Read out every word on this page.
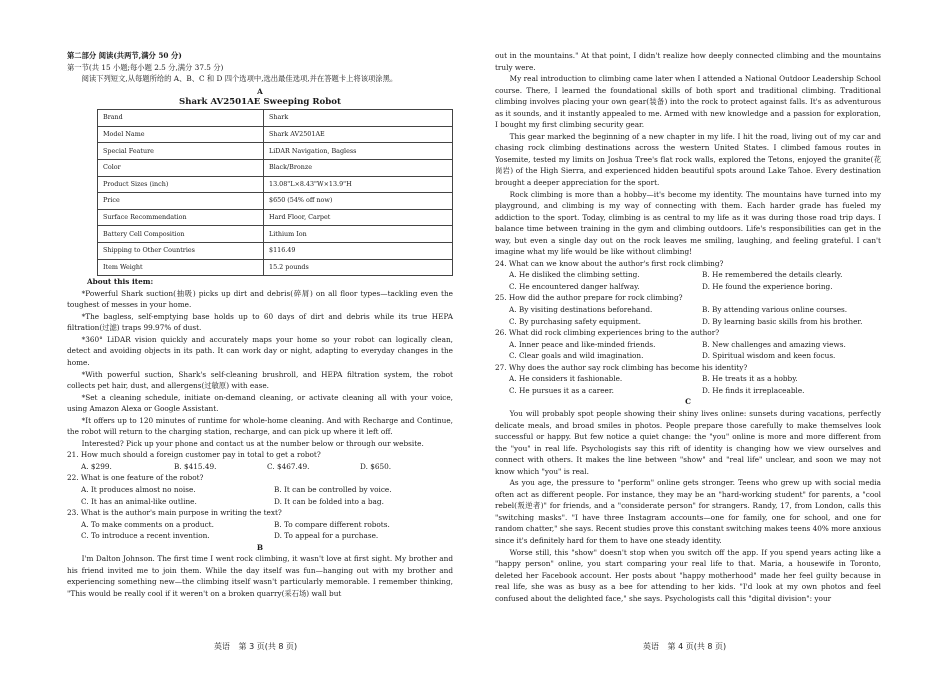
第二部分 阅读(共两节,满分 50 分)

第一节(共 15 小题;每小题 2.5 分,满分 37.5 分)

阅读下列短文,从每题所给的 A、B、C 和 D 四个选项中,选出最佳选项,并在答题卡上将该项涂黑。

A

Shark AV2501AE Sweeping Robot

Brand	Shark
Model Name	Shark AV2501AE
Special Feature	LiDAR Navigation, Bagless
Color	Black/Bronze
Product Sizes (inch)	13.08"L×8.43"W×13.9"H
Price	$650 (54% off now)
Surface Recommendation	Hard Floor, Carpet
Battery Cell Composition	Lithium Ion
Shipping to Other Countries	$116.49
Item Weight	15.2 pounds

About this item:

*Powerful Shark suction(抽吸) picks up dirt and debris(碎屑) on all floor types—tackling even the toughest of messes in your home.

*The bagless, self-emptying base holds up to 60 days of dirt and debris while its true HEPA filtration(过滤) traps 99.97% of dust.

*360° LiDAR vision quickly and accurately maps your home so your robot can logically clean, detect and avoiding objects in its path. It can work day or night, adapting to everyday changes in the home.

*With powerful suction, Shark's self-cleaning brushroll, and HEPA filtration system, the robot collects pet hair, dust, and allergens(过敏原) with ease.

*Set a cleaning schedule, initiate on-demand cleaning, or activate cleaning all with your voice, using Amazon Alexa or Google Assistant.

*It offers up to 120 minutes of runtime for whole-home cleaning. And with Recharge and Continue, the robot will return to the charging station, recharge, and can pick up where it left off.

Interested? Pick up your phone and contact us at the number below or through our website.

21. How much should a foreign customer pay in total to get a robot?

A. $299.	B. $415.49.	C. $467.49.	D. $650.

22. What is one feature of the robot?

A. It produces almost no noise.	B. It can be controlled by voice.
C. It has an animal-like outline.	D. It can be folded into a bag.

23. What is the author's main purpose in writing the text?

A. To make comments on a product.	B. To compare different robots.
C. To introduce a recent invention.	D. To appeal for a purchase.

B

I'm Dalton Johnson. The first time I went rock climbing, it wasn't love at first sight. My brother and his friend invited me to join them. While the day itself was fun—hanging out with my brother and experiencing something new—the climbing itself wasn't particularly memorable. I remember thinking, "This would be really cool if it weren't on a broken quarry(采石场) wall but

out in the mountains." At that point, I didn't realize how deeply connected climbing and the mountains truly were.

My real introduction to climbing came later when I attended a National Outdoor Leadership School course. There, I learned the foundational skills of both sport and traditional climbing. Traditional climbing involves placing your own gear(装备) into the rock to protect against falls. It's as adventurous as it sounds, and it instantly appealed to me. Armed with new knowledge and a passion for exploration, I bought my first climbing security gear.

This gear marked the beginning of a new chapter in my life. I hit the road, living out of my car and chasing rock climbing destinations across the western United States. I climbed famous routes in Yosemite, tested my limits on Joshua Tree's flat rock walls, explored the Tetons, enjoyed the granite(花岗岩) of the High Sierra, and experienced hidden beautiful spots around Lake Tahoe. Every destination brought a deeper appreciation for the sport.

Rock climbing is more than a hobby—it's become my identity. The mountains have turned into my playground, and climbing is my way of connecting with them. Each harder grade has fueled my addiction to the sport. Today, climbing is as central to my life as it was during those road trip days. I balance time between training in the gym and climbing outdoors. Life's responsibilities can get in the way, but even a single day out on the rock leaves me smiling, laughing, and feeling grateful. I can't imagine what my life would be like without climbing!

24. What can we know about the author's first rock climbing?

A. He disliked the climbing setting.	B. He remembered the details clearly.
C. He encountered danger halfway.	D. He found the experience boring.

25. How did the author prepare for rock climbing?

A. By visiting destinations beforehand.	B. By attending various online courses.
C. By purchasing safety equipment.	D. By learning basic skills from his brother.

26. What did rock climbing experiences bring to the author?

A. Inner peace and like-minded friends.	B. New challenges and amazing views.
C. Clear goals and wild imagination.	D. Spiritual wisdom and keen focus.

27. Why does the author say rock climbing has become his identity?

A. He considers it fashionable.	B. He treats it as a hobby.
C. He pursues it as a career.	D. He finds it irreplaceable.

C

You will probably spot people showing their shiny lives online: sunsets during vacations, perfectly delicate meals, and broad smiles in photos. People prepare those carefully to make themselves look successful or happy. But few notice a quiet change: the "you" online is more and more different from the "you" in real life. Psychologists say this rift of identity is changing how we view ourselves and connect with others. It makes the line between "show" and "real life" unclear, and soon we may not know which "you" is real.

As you age, the pressure to "perform" online gets stronger. Teens who grew up with social media often act as different people. For instance, they may be an "hard-working student" for parents, a "cool rebel(叛逆者)" for friends, and a "considerate person" for strangers. Randy, 17, from London, calls this "switching masks". "I have three Instagram accounts—one for family, one for school, and one for random chatter," she says. Recent studies prove this constant switching makes teens 40% more anxious since it's definitely hard for them to have one steady identity.

Worse still, this "show" doesn't stop when you switch off the app. If you spend years acting like a "happy person" online, you start comparing your real life to that. Maria, a housewife in Toronto, deleted her Facebook account. Her posts about "happy motherhood" made her feel guilty because in real life, she was as busy as a bee for attending to her kids. "I'd look at my own photos and feel confused about the delighted face," she says. Psychologists call this "digital division": your

英语 第 3 页(共 8 页)	英语 第 4 页(共 8 页)
